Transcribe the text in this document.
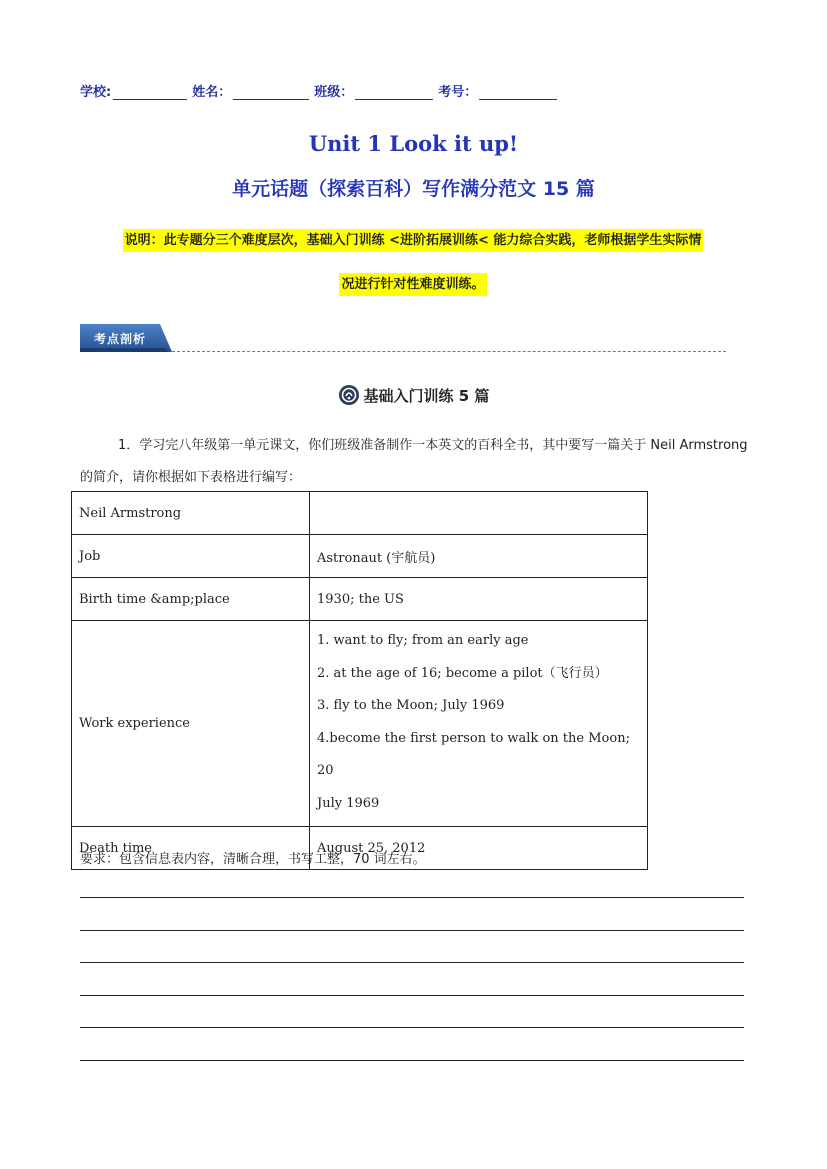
学校:	姓名：	班级：	考号：
Unit 1 Look it up!
单元话题（探索百科）写作满分范文 15 篇
说明：此专题分三个难度层次，基础入门训练 <进阶拓展训练< 能力综合实践，老师根据学生实际情
况进行针对性难度训练。
考点剖析
基础入门训练 5 篇
1．学习完八年级第一单元课文，你们班级准备制作一本英文的百科全书，其中要写一篇关于 Neil Armstrong 的简介，请你根据如下表格进行编写：
Neil Armstrong	
Job	Astronaut (宇航员)
Birth time &amp;place	1930; the US
Work experience	1. want to fly; from an early age
2. at the age of 16; become a pilot（飞行员）
3. fly to the Moon; July 1969
4.become the first person to walk on the Moon; 20
July 1969

Death time	August 25, 2012
要求：包含信息表内容，清晰合理，书写工整，70 词左右。
